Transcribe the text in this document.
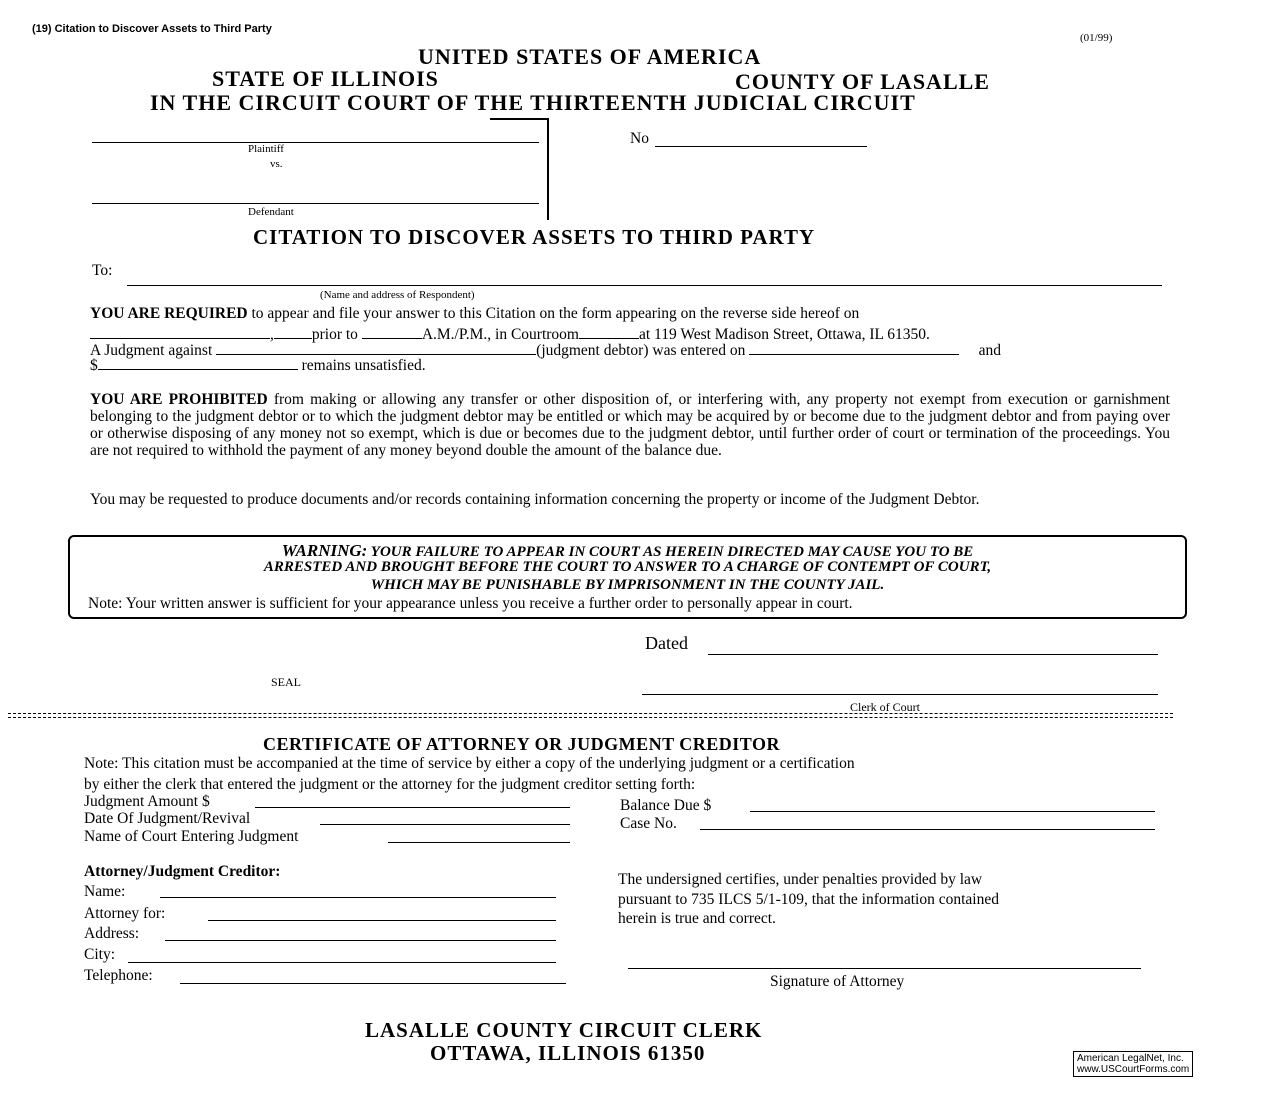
(19) Citation to Discover Assets to Third Party
(01/99)
UNITED STATES OF AMERICA
STATE OF ILLINOIS	COUNTY OF LASALLE
IN THE CIRCUIT COURT OF THE THIRTEENTH JUDICIAL CIRCUIT
Plaintiff
vs.
Defendant
No
CITATION TO DISCOVER ASSETS TO THIRD PARTY
To:
(Name and address of Respondent)
YOU ARE REQUIRED to appear and file your answer to this Citation on the form appearing on the reverse side hereof on
, prior to	A.M./P.M., in Courtroom	at 119 West Madison Street, Ottawa, IL 61350.
A Judgment against	(judgment debtor) was entered on	and
$	remains unsatisfied.
YOU ARE PROHIBITED from making or allowing any transfer or other disposition of, or interfering with, any property not exempt from execution or garnishment belonging to the judgment debtor or to which the judgment debtor may be entitled or which may be acquired by or become due to the judgment debtor and from paying over or otherwise disposing of any money not so exempt, which is due or becomes due to the judgment debtor, until further order of court or termination of the proceedings. You are not required to withhold the payment of any money beyond double the amount of the balance due.
You may be requested to produce documents and/or records containing information concerning the property or income of the Judgment Debtor.
WARNING: YOUR FAILURE TO APPEAR IN COURT AS HEREIN DIRECTED MAY CAUSE YOU TO BE
ARRESTED AND BROUGHT BEFORE THE COURT TO ANSWER TO A CHARGE OF CONTEMPT OF COURT,
WHICH MAY BE PUNISHABLE BY IMPRISONMENT IN THE COUNTY JAIL.
Note: Your written answer is sufficient for your appearance unless you receive a further order to personally appear in court.
Dated
SEAL
Clerk of Court
CERTIFICATE OF ATTORNEY OR JUDGMENT CREDITOR
Note: This citation must be accompanied at the time of service by either a copy of the underlying judgment or a certification
by either the clerk that entered the judgment or the attorney for the judgment creditor setting forth:
Judgment Amount $
Date Of Judgment/Revival
Name of Court Entering Judgment
Balance Due $
Case No.
Attorney/Judgment Creditor:
Name:
Attorney for:
Address:
City:
Telephone:
The undersigned certifies, under penalties provided by law
pursuant to 735 ILCS 5/1-109, that the information contained
herein is true and correct.
Signature of Attorney
LASALLE COUNTY CIRCUIT CLERK
OTTAWA, ILLINOIS 61350	American LegalNet, Inc.
www.USCourtForms.com
